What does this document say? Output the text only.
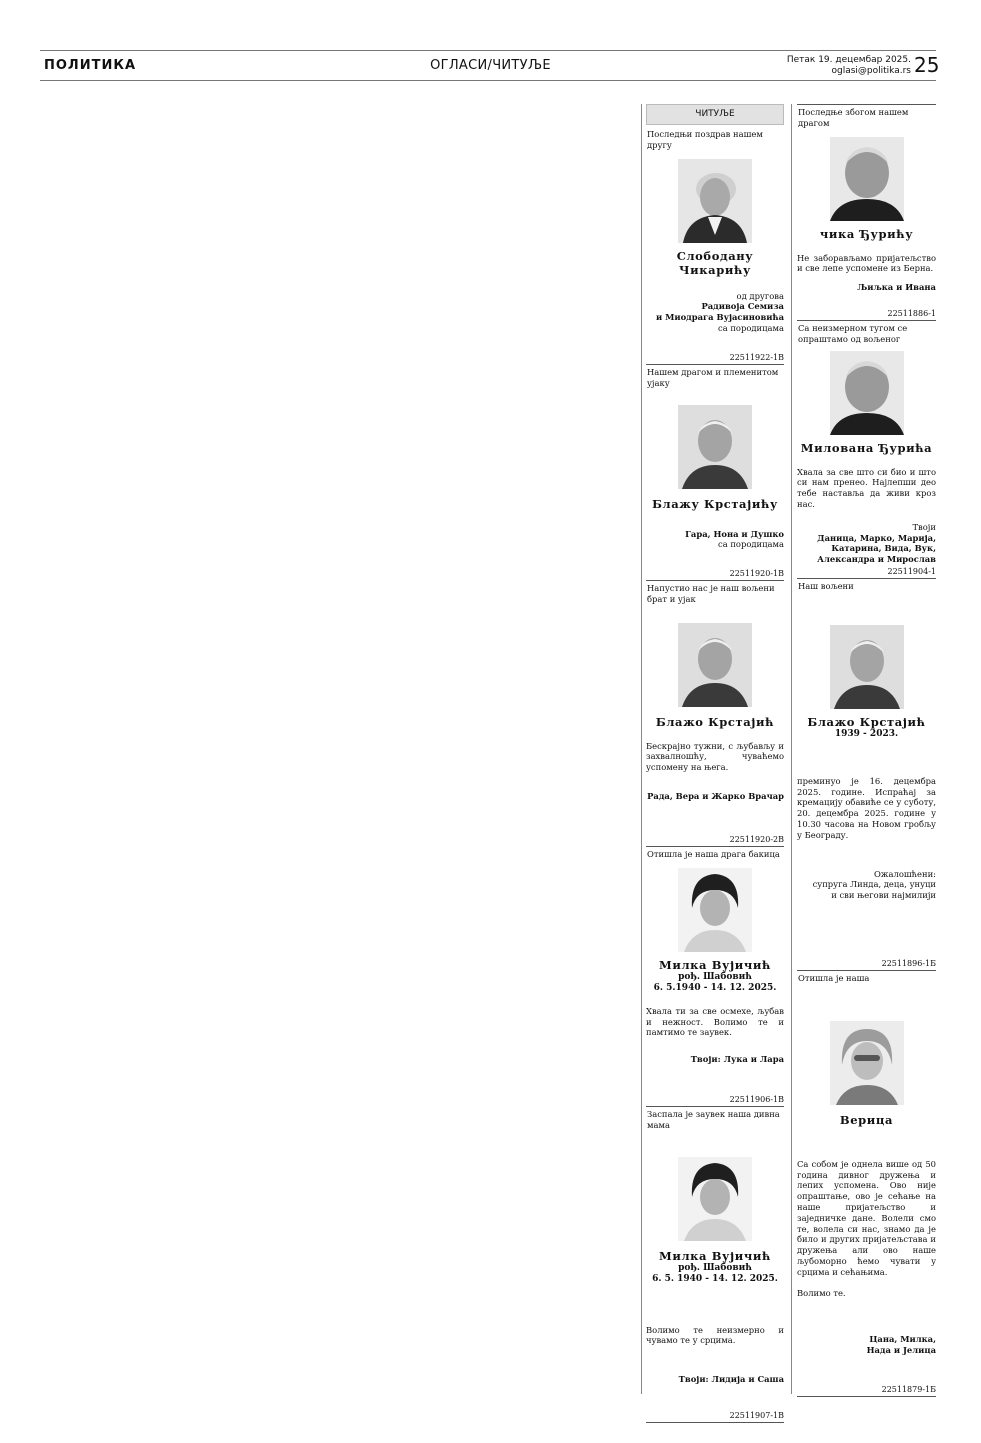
ПОЛИТИКА	ОГЛАСИ/ЧИТУЉЕ	Петак 19. децембар 2025.
oglasi@politika.rs 25
ЧИТУЉЕ
Последњи поздрав нашем другу
Слободану Чикарићу
од другова
Радивоја Семиза
и Миодрага Вујасиновића
са породицама
22511922-1В
Нашем драгом и племенитом ујаку
Блажу Крстајићу
Гара, Нона и Душко
са породицама
22511920-1В
Напустио нас је наш вољени брат и ујак
Блажо Крстајић
Бескрајно тужни, с љубављу и захвалношћу, чуваћемо успомену на њега.
Рада, Вера и Жарко Врачар
22511920-2В
Отишла је наша драга бакица
Милка Вујичић
рођ. Шабовић
6. 5.1940 - 14. 12. 2025.
Хвала ти за све осмехе, љубав и нежност. Волимо те и памтимо те заувек.
Твоји: Лука и Лара
22511906-1В
Заспала је заувек наша дивна мама
Милка Вујичић
рођ. Шабовић
6. 5. 1940 - 14. 12. 2025.
Волимо те неизмерно и чувамо те у срцима.
Твоји: Лидија и Саша
22511907-1В
Последње збогом нашем драгом
чика Ђурићу
Не заборављамо пријатељство и све лепе успомене из Берна.
Љиљка и Ивана
22511886-1
Са неизмерном тугом се опраштамо од вољеног
Милована Ђурића
Хвала за све што си био и што си нам пренео. Најлепши део тебе наставља да живи кроз нас.
Твоји
Даница, Марко, Марија,
Катарина, Вида, Вук,
Александра и Мирослав
22511904-1
Наш вољени
Блажо Крстајић
1939 - 2023.
преминуо је 16. децембра 2025. године. Испраћај за кремацију обавиће се у суботу, 20. децембра 2025. године у 10.30 часова на Новом гробљу у Београду.
Ожалошћени:
супруга Линда, деца, унуци
и сви његови најмилији
22511896-1Б
Отишла је наша
Верица
Са собом је однела више од 50 година дивног дружења и лепих успомена. Ово није опраштање, ово је сећање на наше пријатељство и заједничке дане. Волели смо те, волела си нас, знамо да је било и других пријатељстава и дружења али ово наше љубоморно ћемо чувати у срцима и сећањима.
Волимо те.
Цана, Милка,
Нада и Јелица
22511879-1Б
